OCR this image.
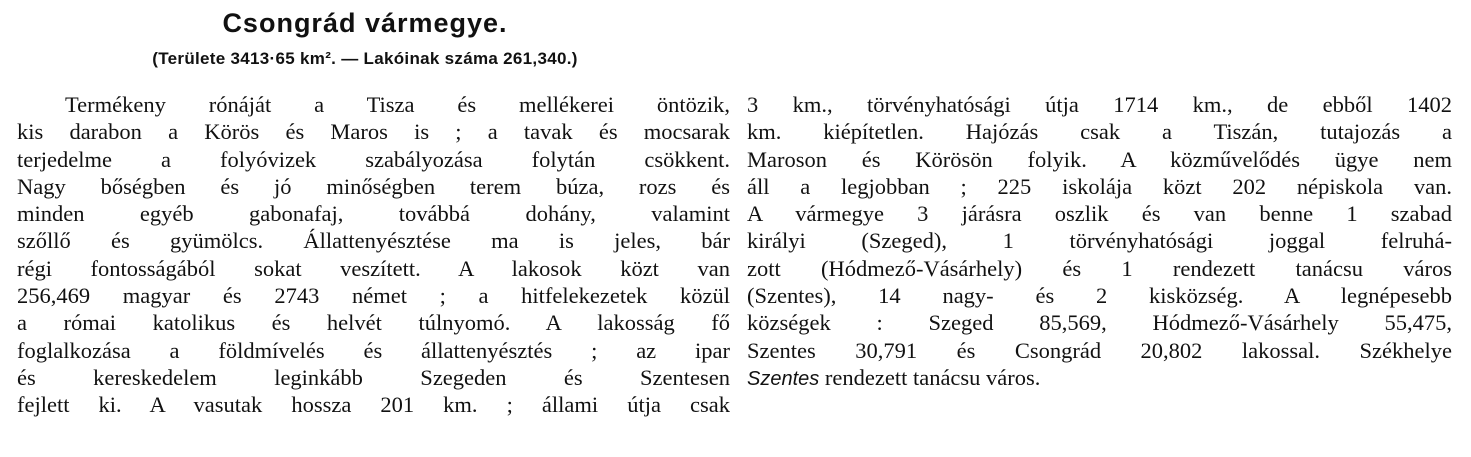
Csongrád vármegye.
(Területe 3413·65 km². — Lakóinak száma 261,340.)
Termékeny rónáját a Tisza és mellékerei öntözik,
kis darabon a Körös és Maros is ; a tavak és mocsarak
terjedelme a folyóvizek szabályozása folytán csökkent.
Nagy bőségben és jó minőségben terem búza, rozs és
minden egyéb gabonafaj, továbbá dohány, valamint
szőllő és gyümölcs. Állattenyésztése ma is jeles, bár
régi fontosságából sokat veszített. A lakosok közt van
256,469 magyar és 2743 német ; a hitfelekezetek közül
a római katolikus és helvét túlnyomó. A lakosság fő
foglalkozása a földmívelés és állattenyésztés ; az ipar
és kereskedelem leginkább Szegeden és Szentesen
fejlett ki. A vasutak hossza 201 km. ; állami útja csak
3 km., törvényhatósági útja 1714 km., de ebből 1402
km. kiépítetlen. Hajózás csak a Tiszán, tutajozás a
Maroson és Körösön folyik. A közművelődés ügye nem
áll a legjobban ; 225 iskolája közt 202 népiskola van.
A vármegye 3 járásra oszlik és van benne 1 szabad
királyi (Szeged), 1 törvényhatósági joggal felruhá-
zott (Hódmező-Vásárhely) és 1 rendezett tanácsu város
(Szentes), 14 nagy- és 2 kisközség. A legnépesebb
községek : Szeged 85,569, Hódmező-Vásárhely 55,475,
Szentes 30,791 és Csongrád 20,802 lakossal. Székhelye
Szentes rendezett tanácsu város.
